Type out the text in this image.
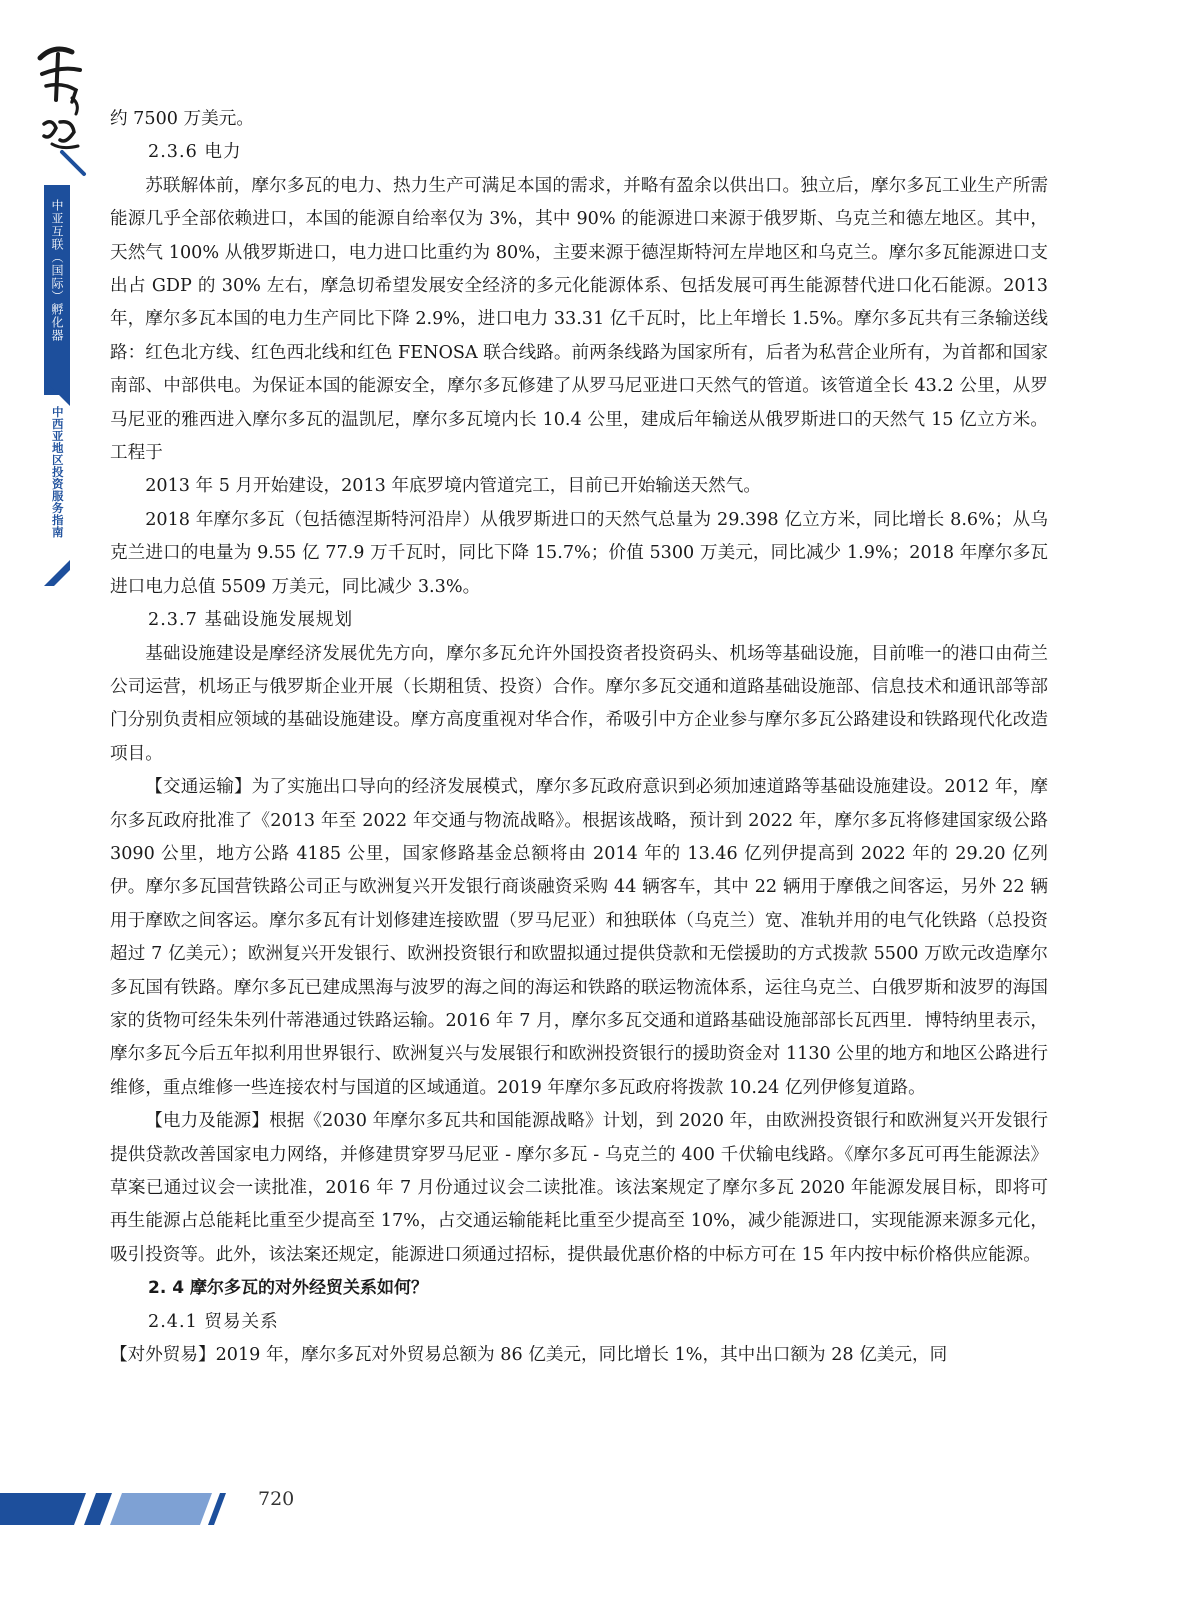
中亚互联（国际）孵化器
中西亚地区投资服务指南

约 7500 万美元。

2.3.6 电力

苏联解体前，摩尔多瓦的电力、热力生产可满足本国的需求，并略有盈余以供出口。独立后，摩尔多瓦工业生产所需能源几乎全部依赖进口，本国的能源自给率仅为 3%，其中 90% 的能源进口来源于俄罗斯、乌克兰和德左地区。其中，天然气 100% 从俄罗斯进口，电力进口比重约为 80%，主要来源于德涅斯特河左岸地区和乌克兰。摩尔多瓦能源进口支出占 GDP 的 30% 左右，摩急切希望发展安全经济的多元化能源体系、包括发展可再生能源替代进口化石能源。2013 年，摩尔多瓦本国的电力生产同比下降 2.9%，进口电力 33.31 亿千瓦时，比上年增长 1.5%。摩尔多瓦共有三条输送线路：红色北方线、红色西北线和红色 FENOSA 联合线路。前两条线路为国家所有，后者为私营企业所有，为首都和国家南部、中部供电。为保证本国的能源安全，摩尔多瓦修建了从罗马尼亚进口天然气的管道。该管道全长 43.2 公里，从罗马尼亚的雅西进入摩尔多瓦的温凯尼，摩尔多瓦境内长 10.4 公里，建成后年输送从俄罗斯进口的天然气 15 亿立方米。工程于

2013 年 5 月开始建设，2013 年底罗境内管道完工，目前已开始输送天然气。

2018 年摩尔多瓦（包括德涅斯特河沿岸）从俄罗斯进口的天然气总量为 29.398 亿立方米，同比增长 8.6%；从乌克兰进口的电量为 9.55 亿 77.9 万千瓦时，同比下降 15.7%；价值 5300 万美元，同比减少 1.9%；2018 年摩尔多瓦进口电力总值 5509 万美元，同比减少 3.3%。

2.3.7 基础设施发展规划

基础设施建设是摩经济发展优先方向，摩尔多瓦允许外国投资者投资码头、机场等基础设施，目前唯一的港口由荷兰公司运营，机场正与俄罗斯企业开展（长期租赁、投资）合作。摩尔多瓦交通和道路基础设施部、信息技术和通讯部等部门分别负责相应领域的基础设施建设。摩方高度重视对华合作，希吸引中方企业参与摩尔多瓦公路建设和铁路现代化改造项目。

【交通运输】为了实施出口导向的经济发展模式，摩尔多瓦政府意识到必须加速道路等基础设施建设。2012 年，摩尔多瓦政府批准了《2013 年至 2022 年交通与物流战略》。根据该战略，预计到 2022 年，摩尔多瓦将修建国家级公路 3090 公里，地方公路 4185 公里，国家修路基金总额将由 2014 年的 13.46 亿列伊提高到 2022 年的 29.20 亿列伊。摩尔多瓦国营铁路公司正与欧洲复兴开发银行商谈融资采购 44 辆客车，其中 22 辆用于摩俄之间客运，另外 22 辆用于摩欧之间客运。摩尔多瓦有计划修建连接欧盟（罗马尼亚）和独联体（乌克兰）宽、准轨并用的电气化铁路（总投资超过 7 亿美元）；欧洲复兴开发银行、欧洲投资银行和欧盟拟通过提供贷款和无偿援助的方式拨款 5500 万欧元改造摩尔多瓦国有铁路。摩尔多瓦已建成黑海与波罗的海之间的海运和铁路的联运物流体系，运往乌克兰、白俄罗斯和波罗的海国家的货物可经朱朱列什蒂港通过铁路运输。2016 年 7 月，摩尔多瓦交通和道路基础设施部部长瓦西里．博特纳里表示，摩尔多瓦今后五年拟利用世界银行、欧洲复兴与发展银行和欧洲投资银行的援助资金对 1130 公里的地方和地区公路进行维修，重点维修一些连接农村与国道的区域通道。2019 年摩尔多瓦政府将拨款 10.24 亿列伊修复道路。

【电力及能源】根据《2030 年摩尔多瓦共和国能源战略》计划，到 2020 年，由欧洲投资银行和欧洲复兴开发银行提供贷款改善国家电力网络，并修建贯穿罗马尼亚 - 摩尔多瓦 - 乌克兰的 400 千伏输电线路。《摩尔多瓦可再生能源法》草案已通过议会一读批准，2016 年 7 月份通过议会二读批准。该法案规定了摩尔多瓦 2020 年能源发展目标，即将可再生能源占总能耗比重至少提高至 17%，占交通运输能耗比重至少提高至 10%，减少能源进口，实现能源来源多元化，吸引投资等。此外，该法案还规定，能源进口须通过招标，提供最优惠价格的中标方可在 15 年内按中标价格供应能源。

2. 4 摩尔多瓦的对外经贸关系如何？

2.4.1 贸易关系

【对外贸易】2019 年，摩尔多瓦对外贸易总额为 86 亿美元，同比增长 1%，其中出口额为 28 亿美元，同

720
